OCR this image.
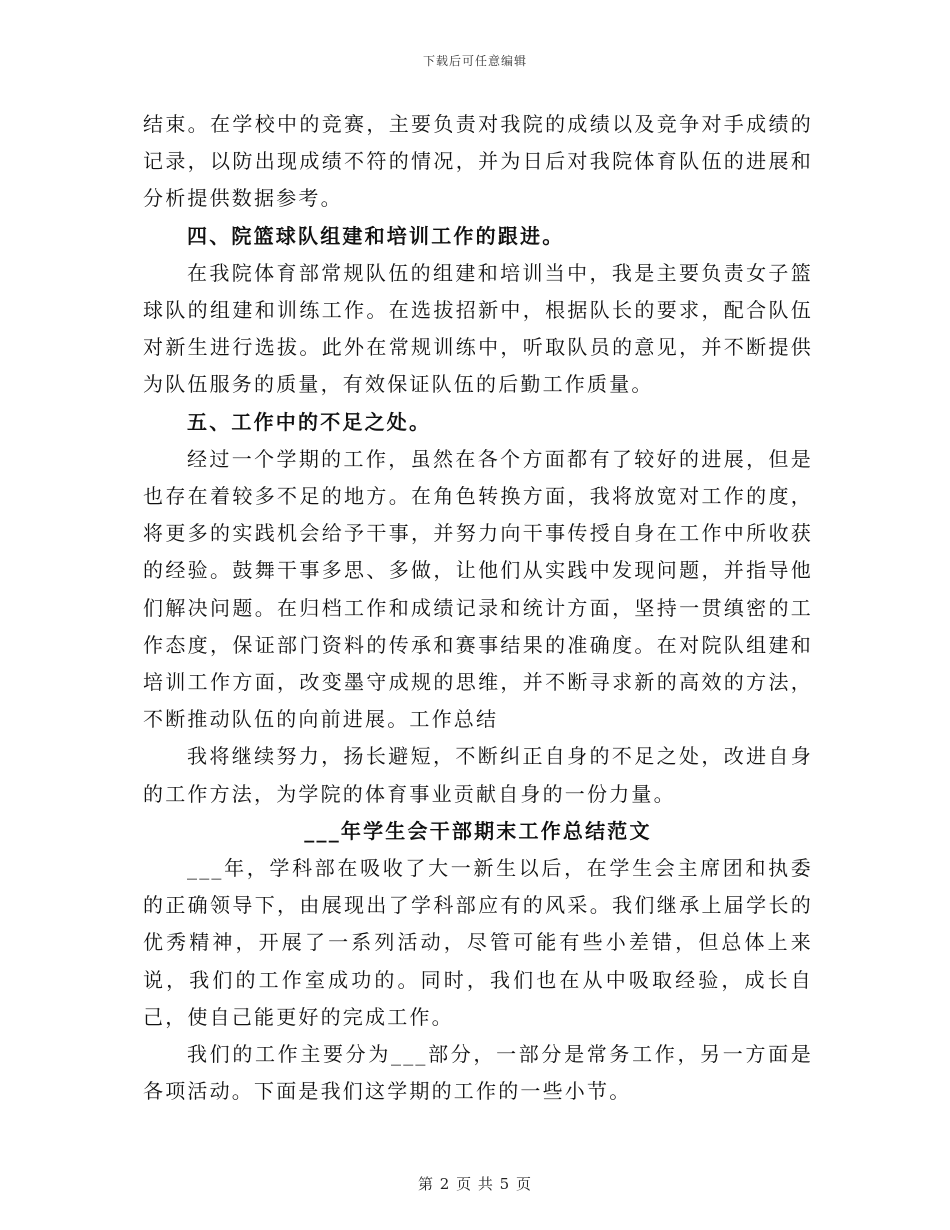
下载后可任意编辑

结束。在学校中的竞赛，主要负责对我院的成绩以及竞争对手成绩的记录，以防出现成绩不符的情况，并为日后对我院体育队伍的进展和分析提供数据参考。

四、院篮球队组建和培训工作的跟进。

在我院体育部常规队伍的组建和培训当中，我是主要负责女子篮球队的组建和训练工作。在选拔招新中，根据队长的要求，配合队伍对新生进行选拔。此外在常规训练中，听取队员的意见，并不断提供为队伍服务的质量，有效保证队伍的后勤工作质量。

五、工作中的不足之处。

经过一个学期的工作，虽然在各个方面都有了较好的进展，但是也存在着较多不足的地方。在角色转换方面，我将放宽对工作的度，将更多的实践机会给予干事，并努力向干事传授自身在工作中所收获的经验。鼓舞干事多思、多做，让他们从实践中发现问题，并指导他们解决问题。在归档工作和成绩记录和统计方面，坚持一贯缜密的工作态度，保证部门资料的传承和赛事结果的准确度。在对院队组建和培训工作方面，改变墨守成规的思维，并不断寻求新的高效的方法，不断推动队伍的向前进展。工作总结

我将继续努力，扬长避短，不断纠正自身的不足之处，改进自身的工作方法，为学院的体育事业贡献自身的一份力量。

___年学生会干部期末工作总结范文

___年，学科部在吸收了大一新生以后，在学生会主席团和执委的正确领导下，由展现出了学科部应有的风采。我们继承上届学长的优秀精神，开展了一系列活动，尽管可能有些小差错，但总体上来说，我们的工作室成功的。同时，我们也在从中吸取经验，成长自己，使自己能更好的完成工作。

我们的工作主要分为___部分，一部分是常务工作，另一方面是各项活动。下面是我们这学期的工作的一些小节。

第 2 页 共 5 页
